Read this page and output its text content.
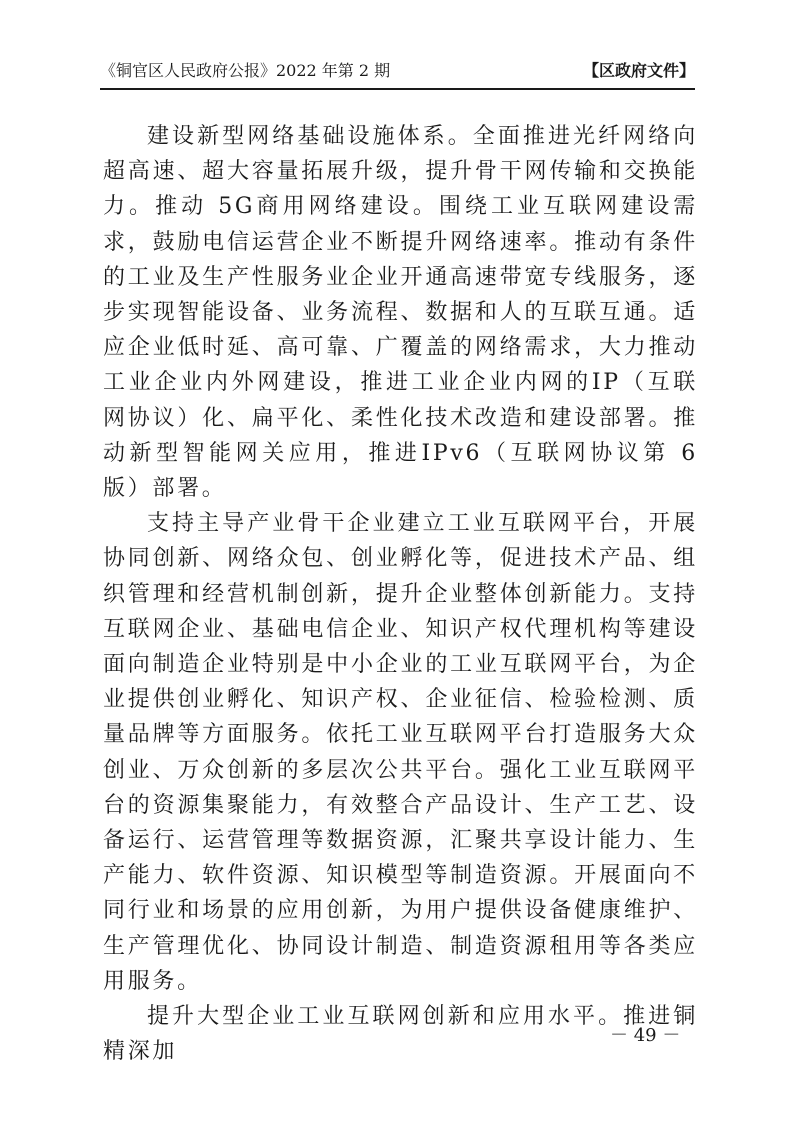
《铜官区人民政府公报》2022 年第 2 期	【区政府文件】

建设新型网络基础设施体系。全面推进光纤网络向超高速、超大容量拓展升级，提升骨干网传输和交换能力。推动 5G商用网络建设。围绕工业互联网建设需求，鼓励电信运营企业不断提升网络速率。推动有条件的工业及生产性服务业企业开通高速带宽专线服务，逐步实现智能设备、业务流程、数据和人的互联互通。适应企业低时延、高可靠、广覆盖的网络需求，大力推动工业企业内外网建设，推进工业企业内网的IP（互联网协议）化、扁平化、柔性化技术改造和建设部署。推动新型智能网关应用，推进IPv6（互联网协议第 6 版）部署。

支持主导产业骨干企业建立工业互联网平台，开展协同创新、网络众包、创业孵化等，促进技术产品、组织管理和经营机制创新，提升企业整体创新能力。支持互联网企业、基础电信企业、知识产权代理机构等建设面向制造企业特别是中小企业的工业互联网平台，为企业提供创业孵化、知识产权、企业征信、检验检测、质量品牌等方面服务。依托工业互联网平台打造服务大众创业、万众创新的多层次公共平台。强化工业互联网平台的资源集聚能力，有效整合产品设计、生产工艺、设备运行、运营管理等数据资源，汇聚共享设计能力、生产能力、软件资源、知识模型等制造资源。开展面向不同行业和场景的应用创新，为用户提供设备健康维护、生产管理优化、协同设计制造、制造资源租用等各类应用服务。

提升大型企业工业互联网创新和应用水平。推进铜精深加

－ 49 －
